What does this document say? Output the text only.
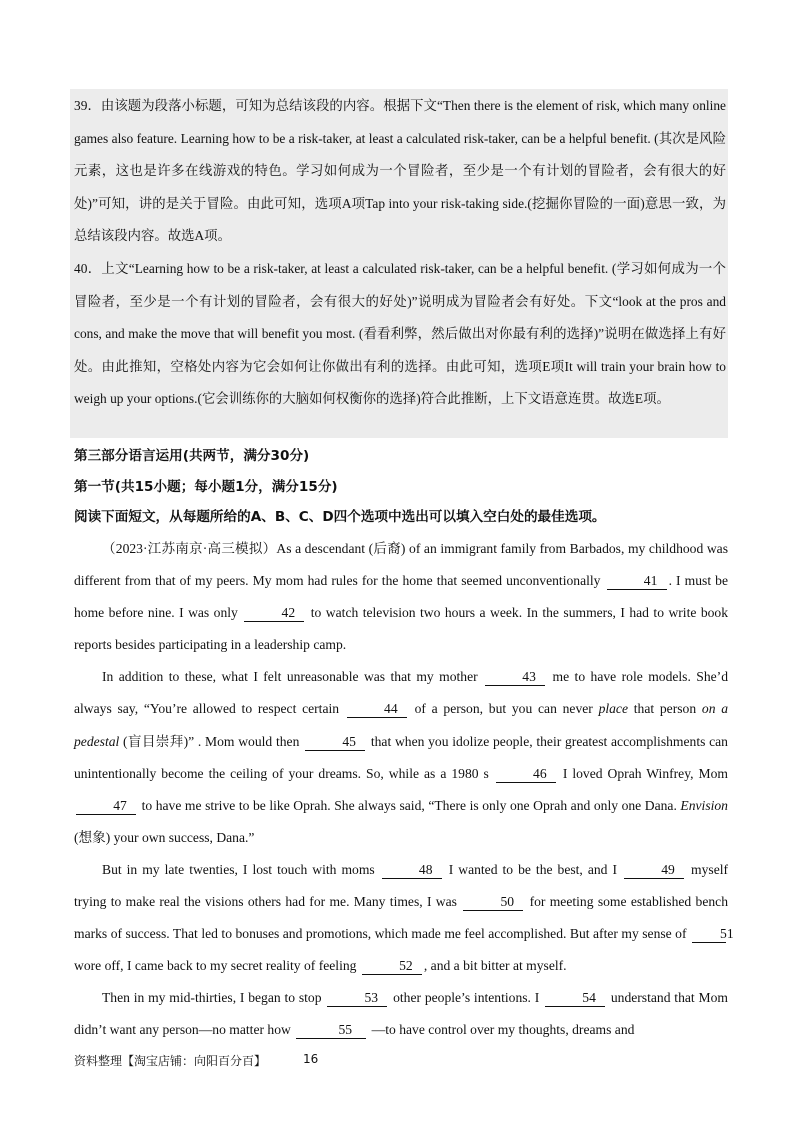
39．由该题为段落小标题，可知为总结该段的内容。根据下文“Then there is the element of risk, which many online games also feature. Learning how to be a risk-taker, at least a calculated risk-taker, can be a helpful benefit. (其次是风险元素，这也是许多在线游戏的特色。学习如何成为一个冒险者，至少是一个有计划的冒险者，会有很大的好处)”可知，讲的是关于冒险。由此可知，选项A项Tap into your risk-taking side.(挖掘你冒险的一面)意思一致，为总结该段内容。故选A项。

40．上文“Learning how to be a risk-taker, at least a calculated risk-taker, can be a helpful benefit. (学习如何成为一个冒险者，至少是一个有计划的冒险者，会有很大的好处)”说明成为冒险者会有好处。下文“look at the pros and cons, and make the move that will benefit you most. (看看利弊，然后做出对你最有利的选择)”说明在做选择上有好处。由此推知，空格处内容为它会如何让你做出有利的选择。由此可知，选项E项It will train your brain how to weigh up your options.(它会训练你的大脑如何权衡你的选择)符合此推断，上下文语意连贯。故选E项。

第三部分语言运用(共两节，满分30分)
第一节(共15小题；每小题1分，满分15分)
阅读下面短文，从每题所给的A、B、C、D四个选项中选出可以填入空白处的最佳选项。

（2023·江苏南京·高三模拟）As a descendant (后裔) of an immigrant family from Barbados, my childhood was different from that of my peers. My mom had rules for the home that seemed unconventionally	41 . I must be home before nine. I was only	42 to watch television two hours a week. In the summers, I had to write book reports besides participating in a leadership camp.

In addition to these, what I felt unreasonable was that my mother	43 me to have role models. She’d always say, “You’re allowed to respect certain	44 of a person, but you can never place that person on a pedestal (盲目崇拜)” . Mom would then	45 that when you idolize people, their greatest accomplishments can unintentionally become the ceiling of your dreams. So, while as a 1980 s	46 I loved Oprah Winfrey, Mom 47 to have me strive to be like Oprah. She always said, “There is only one Oprah and only one Dana. Envision (想象) your own success, Dana.”

But in my late twenties, I lost touch with moms	48 I wanted to be the best, and I	49 myself trying to make real the visions others had for me. Many times, I was	50 for meeting some established bench marks of success. That led to bonuses and promotions, which made me feel accomplished. But after my sense of 51 wore off, I came back to my secret reality of feeling	52 , and a bit bitter at myself.

Then in my mid-thirties, I began to stop	53 other people’s intentions. I	54 understand that Mom didn’t want any person—no matter how	55 —to have control over my thoughts, dreams and

资料整理【淘宝店铺：向阳百分百】	16
